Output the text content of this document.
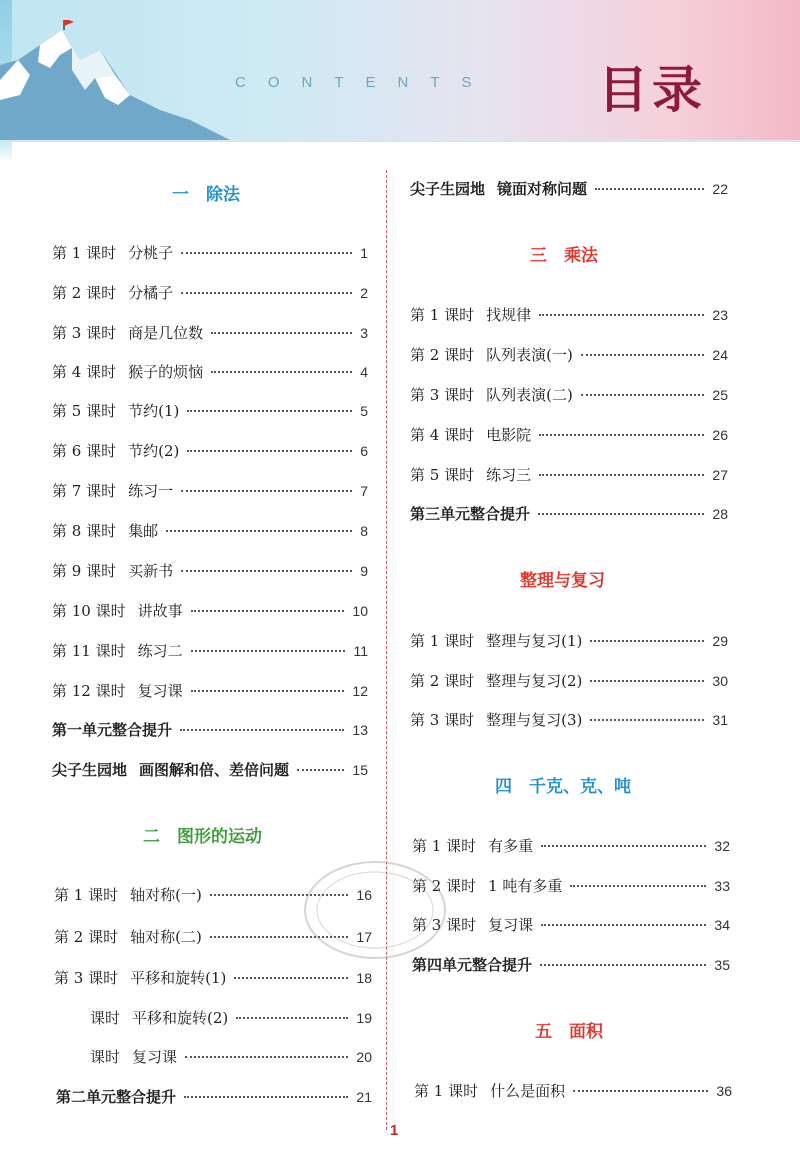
CONTENTS 目录
一　除法
第 1 课时 分桃子	1
第 2 课时 分橘子	2
第 3 课时 商是几位数	3
第 4 课时 猴子的烦恼	4
第 5 课时 节约(1)	5
第 6 课时 节约(2)	6
第 7 课时 练习一	7
第 8 课时 集邮	8
第 9 课时 买新书	9
第 10 课时 讲故事	10
第 11 课时 练习二	11
第 12 课时 复习课	12
第一单元整合提升	13
尖子生园地 画图解和倍、差倍问题	15
二　图形的运动
第 1 课时 轴对称(一)	16
第 2 课时 轴对称(二)	17
第 3 课时 平移和旋转(1)	18
课时 平移和旋转(2)	19
课时 复习课	20
第二单元整合提升	21
尖子生园地 镜面对称问题	22
三　乘法
第 1 课时 找规律	23
第 2 课时 队列表演(一)	24
第 3 课时 队列表演(二)	25
第 4 课时 电影院	26
第 5 课时 练习三	27
第三单元整合提升	28
整理与复习
第 1 课时 整理与复习(1)	29
第 2 课时 整理与复习(2)	30
第 3 课时 整理与复习(3)	31
四　千克、克、吨
第 1 课时 有多重	32
第 2 课时 1 吨有多重	33
第 3 课时 复习课	34
第四单元整合提升	35
五　面积
第 1 课时 什么是面积	36
1
